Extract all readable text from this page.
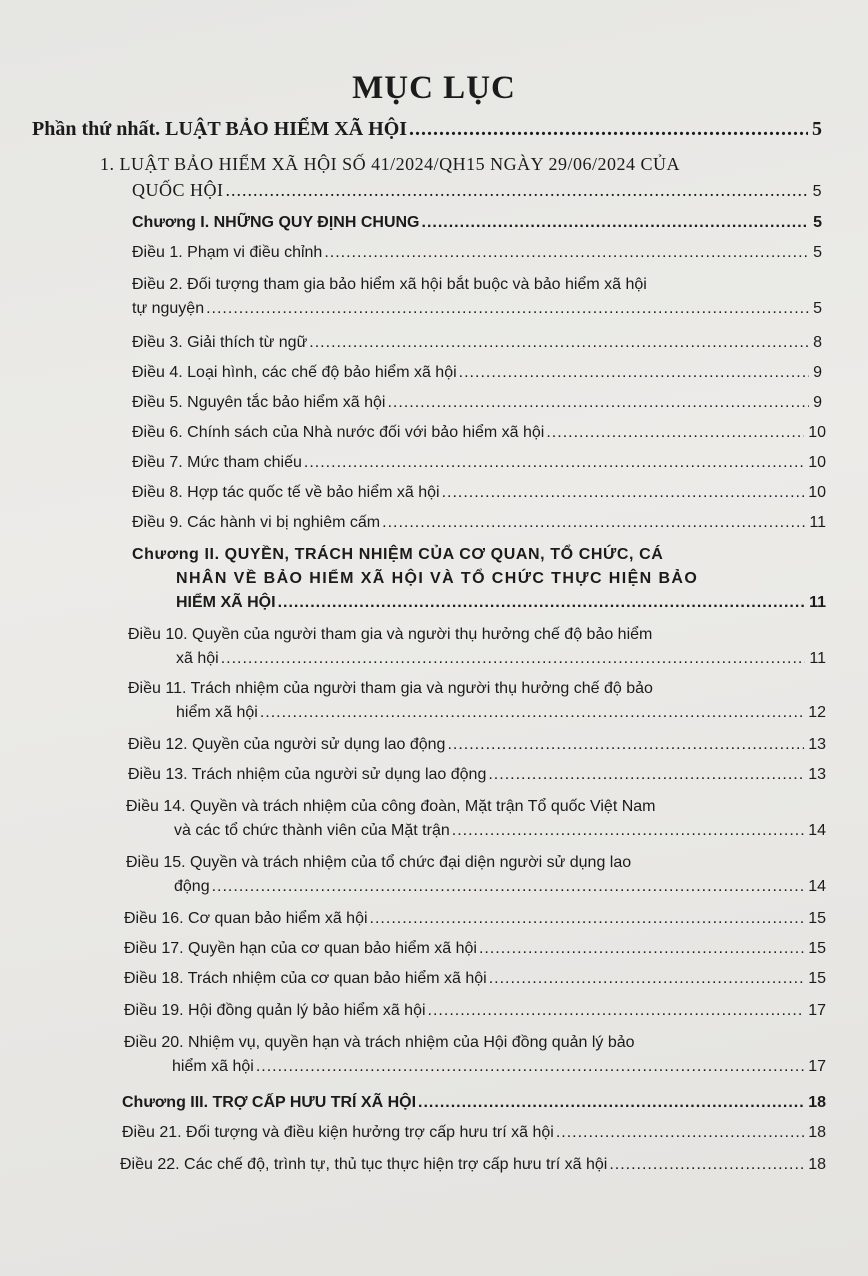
MỤC LỤC
Phần thứ nhất. LUẬT BẢO HIỂM XÃ HỘI .....	5
1. LUẬT BẢO HIỂM XÃ HỘI SỐ 41/2024/QH15 NGÀY 29/06/2024 CỦA
QUỐC HỘI .....	5
Chương I. NHỮNG QUY ĐỊNH CHUNG .....	5
Điều 1. Phạm vi điều chỉnh .....	5
Điều 2. Đối tượng tham gia bảo hiểm xã hội bắt buộc và bảo hiểm xã hội
tự nguyện .....	5
Điều 3. Giải thích từ ngữ .....	8
Điều 4. Loại hình, các chế độ bảo hiểm xã hội .....	9
Điều 5. Nguyên tắc bảo hiểm xã hội .....	9
Điều 6. Chính sách của Nhà nước đối với bảo hiểm xã hội .....	10
Điều 7. Mức tham chiếu .....	10
Điều 8. Hợp tác quốc tế về bảo hiểm xã hội .....	10
Điều 9. Các hành vi bị nghiêm cấm .....	11
Chương II. QUYỀN, TRÁCH NHIỆM CỦA CƠ QUAN, TỔ CHỨC, CÁ
NHÂN VỀ BẢO HIỂM XÃ HỘI VÀ TỔ CHỨC THỰC HIỆN BẢO
HIỂM XÃ HỘI .....	11
Điều 10. Quyền của người tham gia và người thụ hưởng chế độ bảo hiểm
xã hội .....	11
Điều 11. Trách nhiệm của người tham gia và người thụ hưởng chế độ bảo
hiểm xã hội .....	12
Điều 12. Quyền của người sử dụng lao động .....	13
Điều 13. Trách nhiệm của người sử dụng lao động .....	13
Điều 14. Quyền và trách nhiệm của công đoàn, Mặt trận Tổ quốc Việt Nam
và các tổ chức thành viên của Mặt trận .....	14
Điều 15. Quyền và trách nhiệm của tổ chức đại diện người sử dụng lao
động .....	14
Điều 16. Cơ quan bảo hiểm xã hội .....	15
Điều 17. Quyền hạn của cơ quan bảo hiểm xã hội .....	15
Điều 18. Trách nhiệm của cơ quan bảo hiểm xã hội .....	15
Điều 19. Hội đồng quản lý bảo hiểm xã hội .....	17
Điều 20. Nhiệm vụ, quyền hạn và trách nhiệm của Hội đồng quản lý bảo
hiểm xã hội .....	17
Chương III. TRỢ CẤP HƯU TRÍ XÃ HỘI .....	18
Điều 21. Đối tượng và điều kiện hưởng trợ cấp hưu trí xã hội .....	18
Điều 22. Các chế độ, trình tự, thủ tục thực hiện trợ cấp hưu trí xã hội .....	18
